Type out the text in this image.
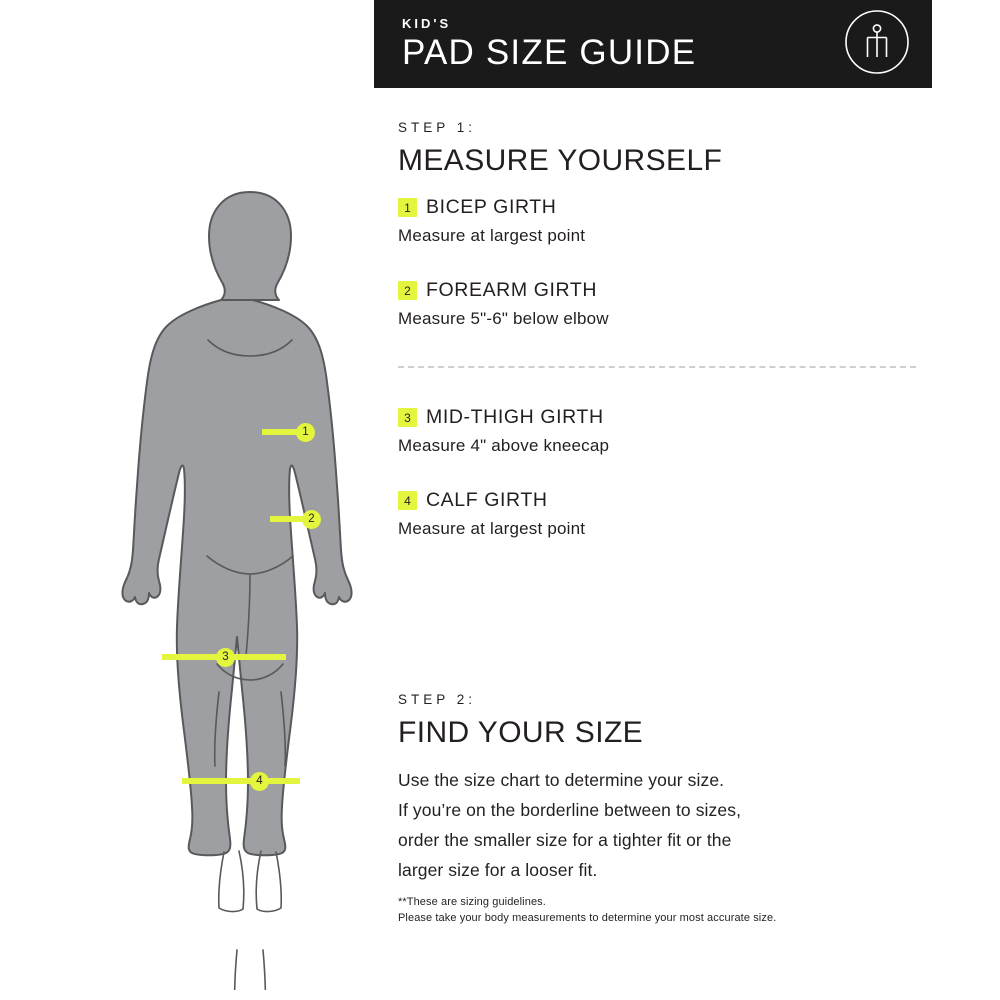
KID'S
PAD SIZE GUIDE
STEP 1:
MEASURE YOURSELF
1 BICEP GIRTH
Measure at largest point
2 FOREARM GIRTH
Measure 5"-6" below elbow
3 MID-THIGH GIRTH
Measure 4" above kneecap
4 CALF GIRTH
Measure at largest point
STEP 2:
FIND YOUR SIZE
Use the size chart to determine your size.
If you’re on the borderline between to sizes,
order the smaller size for a tighter fit or the
larger size for a looser fit.
**These are sizing guidelines.
Please take your body measurements to determine your most accurate size.
1
2
3
4
